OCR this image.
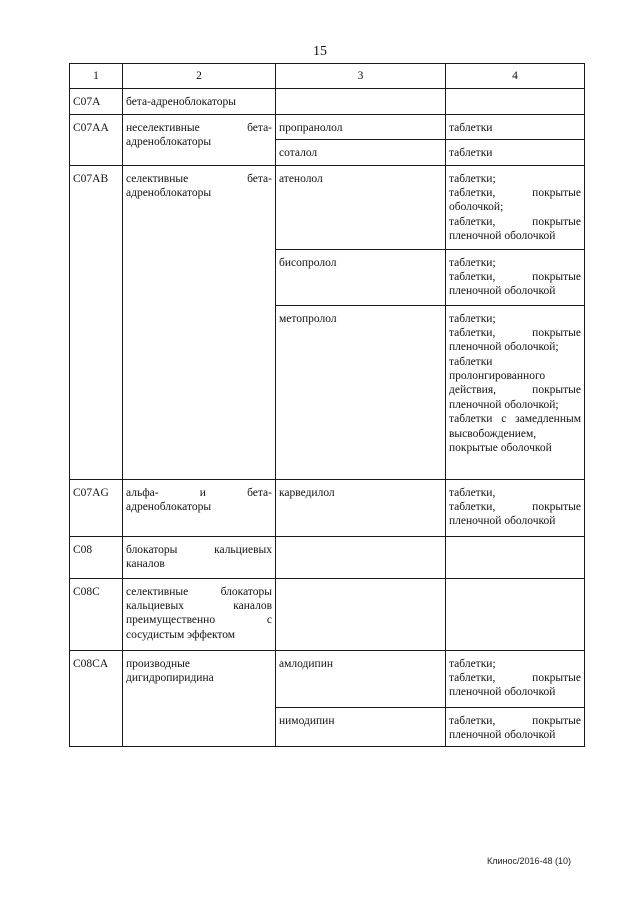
15
1	2	3	4
C07A	бета-адреноблокаторы		
C07AA	неселективные бета-адреноблокаторы	пропранолол	таблетки
		соталол	таблетки
C07AB	селективные бета-адреноблокаторы	атенолол	таблетки;
таблетки, покрытые оболочкой;
таблетки, покрытые пленочной оболочкой

		бисопролол	таблетки;
таблетки, покрытые пленочной оболочкой

		метопролол	таблетки;
таблетки, покрытые пленочной оболочкой;
таблетки пролонгированного действия, покрытые пленочной оболочкой;
таблетки с замедленным высвобождением, покрытые оболочкой

C07AG	альфа- и бета-адреноблокаторы	карведилол	таблетки,
таблетки, покрытые пленочной оболочкой

C08	блокаторы кальциевых каналов		
C08C	селективные блокаторы кальциевых каналов преимущественно с сосудистым эффектом		
C08CA	производные дигидропиридина	амлодипин	таблетки;
таблетки, покрытые пленочной оболочкой

		нимодипин	таблетки, покрытые пленочной оболочкой
Клинос/2016-48 (10)
